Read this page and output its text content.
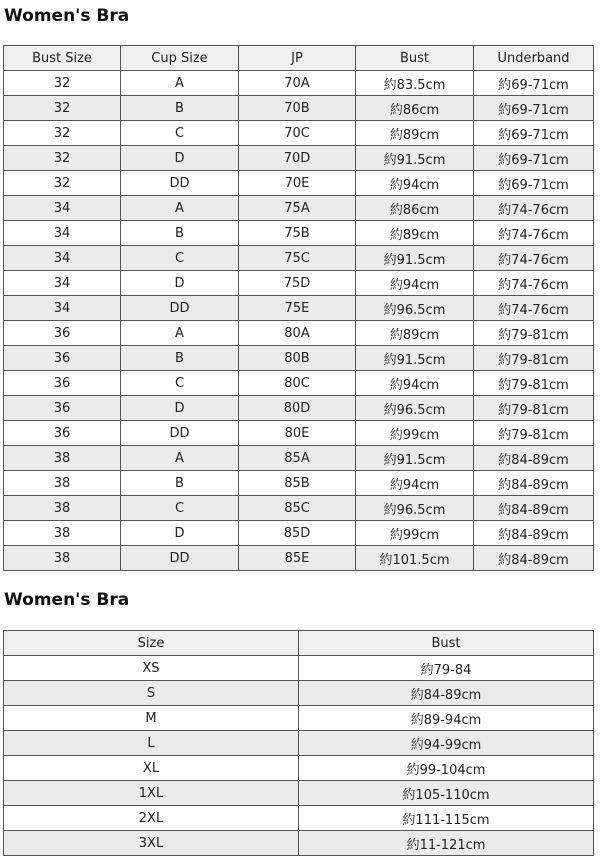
Women's Bra
Bust Size	Cup Size	JP	Bust	Underband
32	A	70A	約83.5cm	約69-71cm
32	B	70B	約86cm	約69-71cm
32	C	70C	約89cm	約69-71cm
32	D	70D	約91.5cm	約69-71cm
32	DD	70E	約94cm	約69-71cm
34	A	75A	約86cm	約74-76cm
34	B	75B	約89cm	約74-76cm
34	C	75C	約91.5cm	約74-76cm
34	D	75D	約94cm	約74-76cm
34	DD	75E	約96.5cm	約74-76cm
36	A	80A	約89cm	約79-81cm
36	B	80B	約91.5cm	約79-81cm
36	C	80C	約94cm	約79-81cm
36	D	80D	約96.5cm	約79-81cm
36	DD	80E	約99cm	約79-81cm
38	A	85A	約91.5cm	約84-89cm
38	B	85B	約94cm	約84-89cm
38	C	85C	約96.5cm	約84-89cm
38	D	85D	約99cm	約84-89cm
38	DD	85E	約101.5cm	約84-89cm
Women's Bra
Size	Bust
XS	約79-84
S	約84-89cm
M	約89-94cm
L	約94-99cm
XL	約99-104cm
1XL	約105-110cm
2XL	約111-115cm
3XL	約11-121cm
